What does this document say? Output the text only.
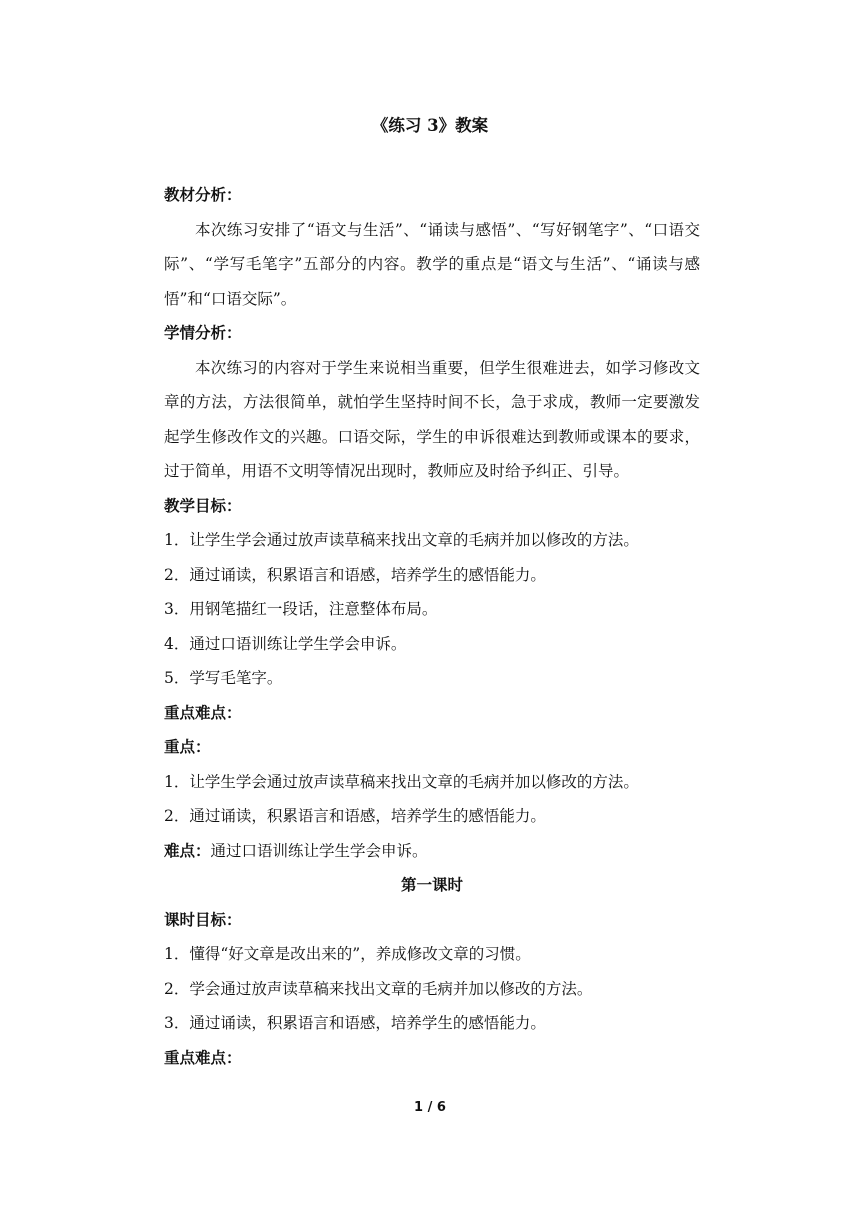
《练习 3》教案
教材分析：
本次练习安排了“语文与生活”、“诵读与感悟”、“写好钢笔字”、“口语交际”、“学写毛笔字”五部分的内容。教学的重点是“语文与生活”、“诵读与感悟”和“口语交际”。
学情分析：
本次练习的内容对于学生来说相当重要，但学生很难进去，如学习修改文章的方法，方法很简单，就怕学生坚持时间不长，急于求成，教师一定要激发起学生修改作文的兴趣。口语交际，学生的申诉很难达到教师或课本的要求，过于简单，用语不文明等情况出现时，教师应及时给予纠正、引导。
教学目标：
1．让学生学会通过放声读草稿来找出文章的毛病并加以修改的方法。
2．通过诵读，积累语言和语感，培养学生的感悟能力。
3．用钢笔描红一段话，注意整体布局。
4．通过口语训练让学生学会申诉。
5．学写毛笔字。
重点难点：
重点：
1．让学生学会通过放声读草稿来找出文章的毛病并加以修改的方法。
2．通过诵读，积累语言和语感，培养学生的感悟能力。
难点：通过口语训练让学生学会申诉。
第一课时
课时目标：
1．懂得“好文章是改出来的”，养成修改文章的习惯。
2．学会通过放声读草稿来找出文章的毛病并加以修改的方法。
3．通过诵读，积累语言和语感，培养学生的感悟能力。
重点难点：
1 / 6
